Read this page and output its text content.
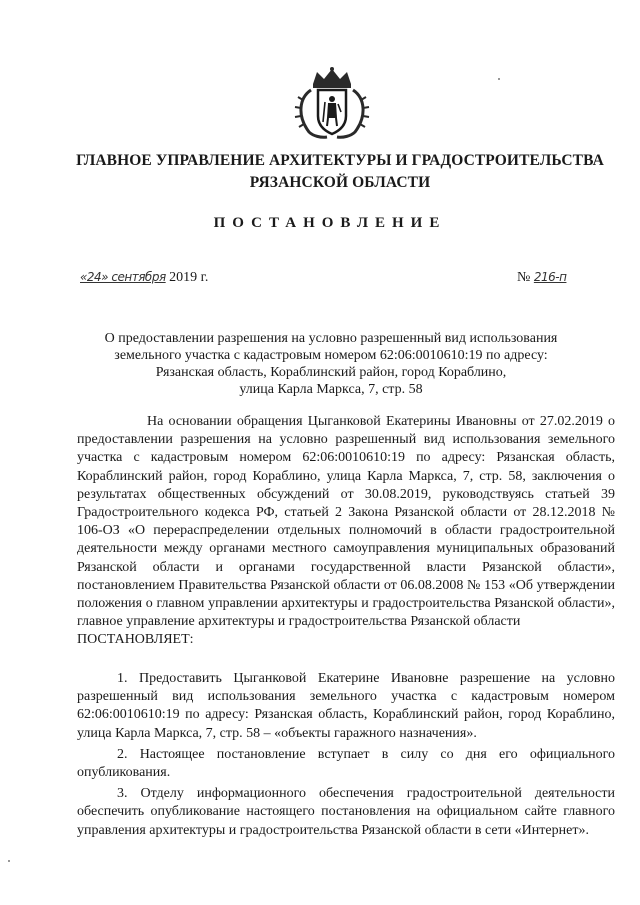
ГЛАВНОЕ УПРАВЛЕНИЕ АРХИТЕКТУРЫ И ГРАДОСТРОИТЕЛЬСТВА
РЯЗАНСКОЙ ОБЛАСТИ
ПОСТАНОВЛЕНИЕ
«24» сентября 2019 г.	№ 216-п
О предоставлении разрешения на условно разрешенный вид использования
земельного участка с кадастровым номером 62:06:0010610:19 по адресу:
Рязанская область, Кораблинский район, город Кораблино,
улица Карла Маркса, 7, стр. 58

На основании обращения Цыганковой Екатерины Ивановны от 27.02.2019 о предоставлении разрешения на условно разрешенный вид использования земельного участка с кадастровым номером 62:06:0010610:19 по адресу: Рязанская область, Кораблинский район, город Кораблино, улица Карла Маркса, 7, стр. 58, заключения о результатах общественных обсуждений от 30.08.2019, руководствуясь статьей 39 Градостроительного кодекса РФ, статьей 2 Закона Рязанской области от 28.12.2018 № 106-ОЗ «О перераспределении отдельных полномочий в области градостроительной деятельности между органами местного самоуправления муниципальных образований Рязанской области и органами государственной власти Рязанской области», постановлением Правительства Рязанской области от 06.08.2008 № 153 «Об утверждении положения о главном управлении архитектуры и градостроительства Рязанской области», главное управление архитектуры и градостроительства Рязанской области

ПОСТАНОВЛЯЕТ:

1. Предоставить Цыганковой Екатерине Ивановне разрешение на условно разрешенный вид использования земельного участка с кадастровым номером 62:06:0010610:19 по адресу: Рязанская область, Кораблинский район, город Кораблино, улица Карла Маркса, 7, стр. 58 – «объекты гаражного назначения».

2. Настоящее постановление вступает в силу со дня его официального опубликования.

3. Отделу информационного обеспечения градостроительной деятельности обеспечить опубликование настоящего постановления на официальном сайте главного управления архитектуры и градостроительства Рязанской области в сети «Интернет».
